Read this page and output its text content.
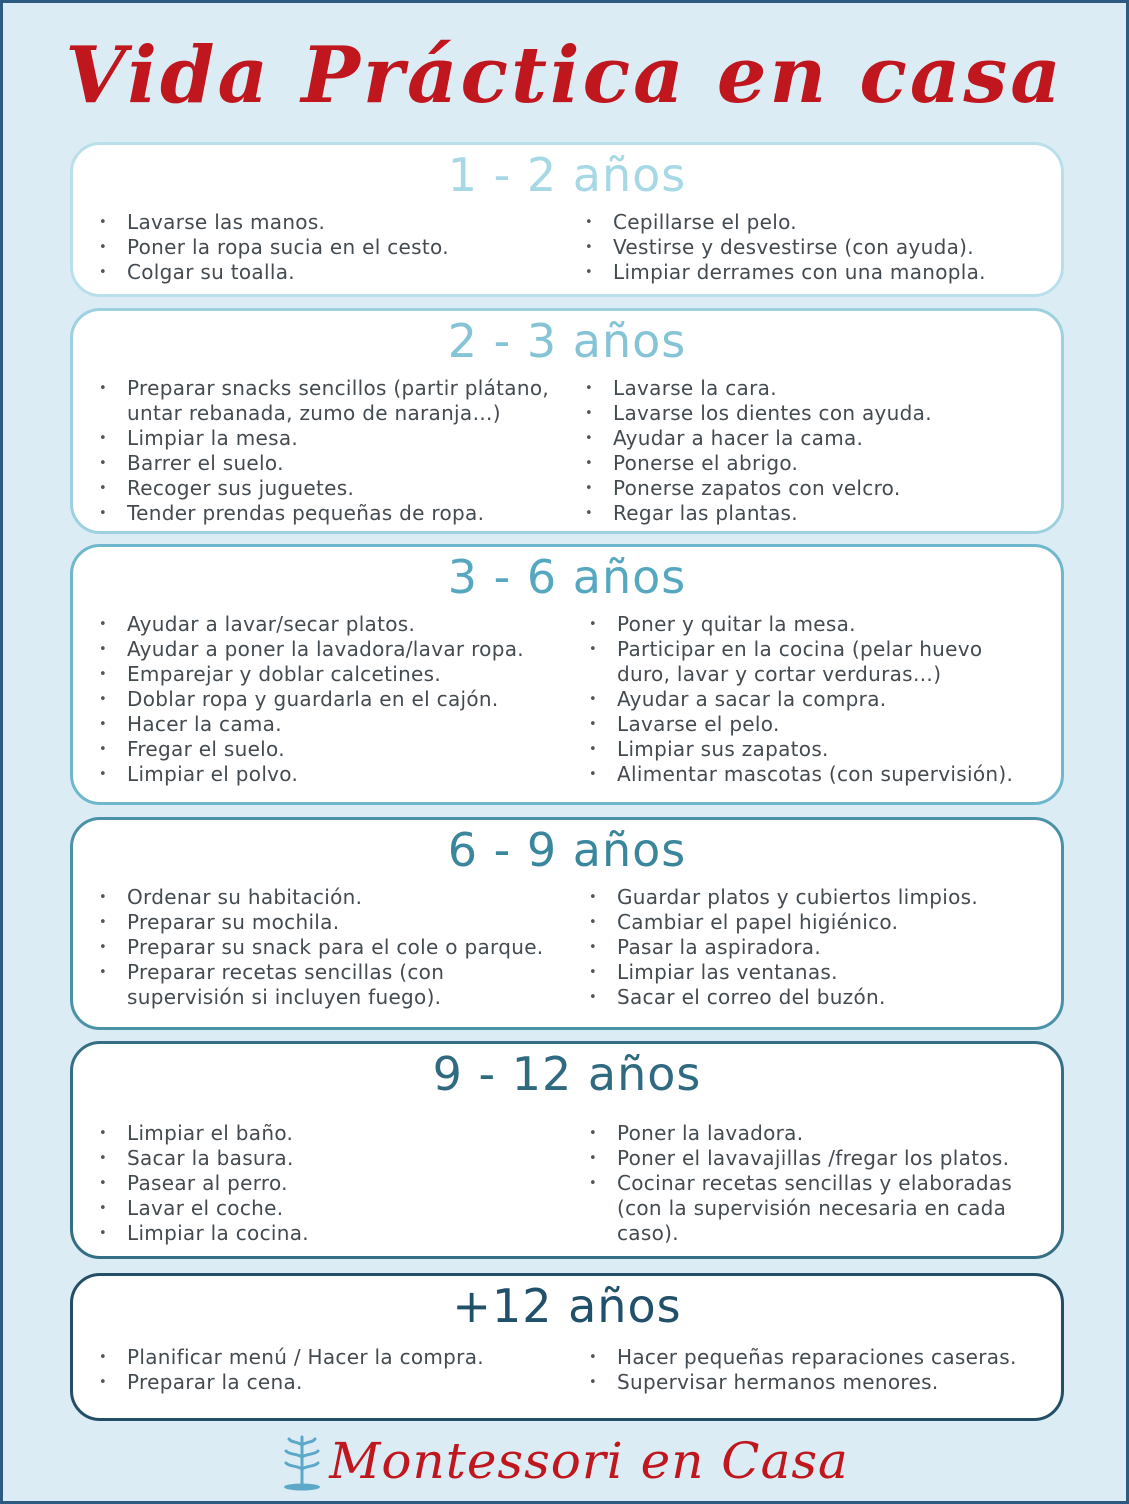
Vida Práctica en casa
1 - 2 años
• Lavarse las manos.
• Poner la ropa sucia en el cesto.
• Colgar su toalla.
• Cepillarse el pelo.
• Vestirse y desvestirse (con ayuda).
• Limpiar derrames con una manopla.
2 - 3 años
• Preparar snacks sencillos (partir plátano,
untar rebanada, zumo de naranja…)
• Limpiar la mesa.
• Barrer el suelo.
• Recoger sus juguetes.
• Tender prendas pequeñas de ropa.
• Lavarse la cara.
• Lavarse los dientes con ayuda.
• Ayudar a hacer la cama.
• Ponerse el abrigo.
• Ponerse zapatos con velcro.
• Regar las plantas.
3 - 6 años
• Ayudar a lavar/secar platos.
• Ayudar a poner la lavadora/lavar ropa.
• Emparejar y doblar calcetines.
• Doblar ropa y guardarla en el cajón.
• Hacer la cama.
• Fregar el suelo.
• Limpiar el polvo.
• Poner y quitar la mesa.
• Participar en la cocina (pelar huevo
duro, lavar y cortar verduras…)
• Ayudar a sacar la compra.
• Lavarse el pelo.
• Limpiar sus zapatos.
• Alimentar mascotas (con supervisión).
6 - 9 años
• Ordenar su habitación.
• Preparar su mochila.
• Preparar su snack para el cole o parque.
• Preparar recetas sencillas (con
supervisión si incluyen fuego).
• Guardar platos y cubiertos limpios.
• Cambiar el papel higiénico.
• Pasar la aspiradora.
• Limpiar las ventanas.
• Sacar el correo del buzón.
9 - 12 años
• Limpiar el baño.
• Sacar la basura.
• Pasear al perro.
• Lavar el coche.
• Limpiar la cocina.
• Poner la lavadora.
• Poner el lavavajillas /fregar los platos.
• Cocinar recetas sencillas y elaboradas
(con la supervisión necesaria en cada
caso).
+12 años
• Planificar menú / Hacer la compra.
• Preparar la cena.
• Hacer pequeñas reparaciones caseras.
• Supervisar hermanos menores.
Montessori en Casa
